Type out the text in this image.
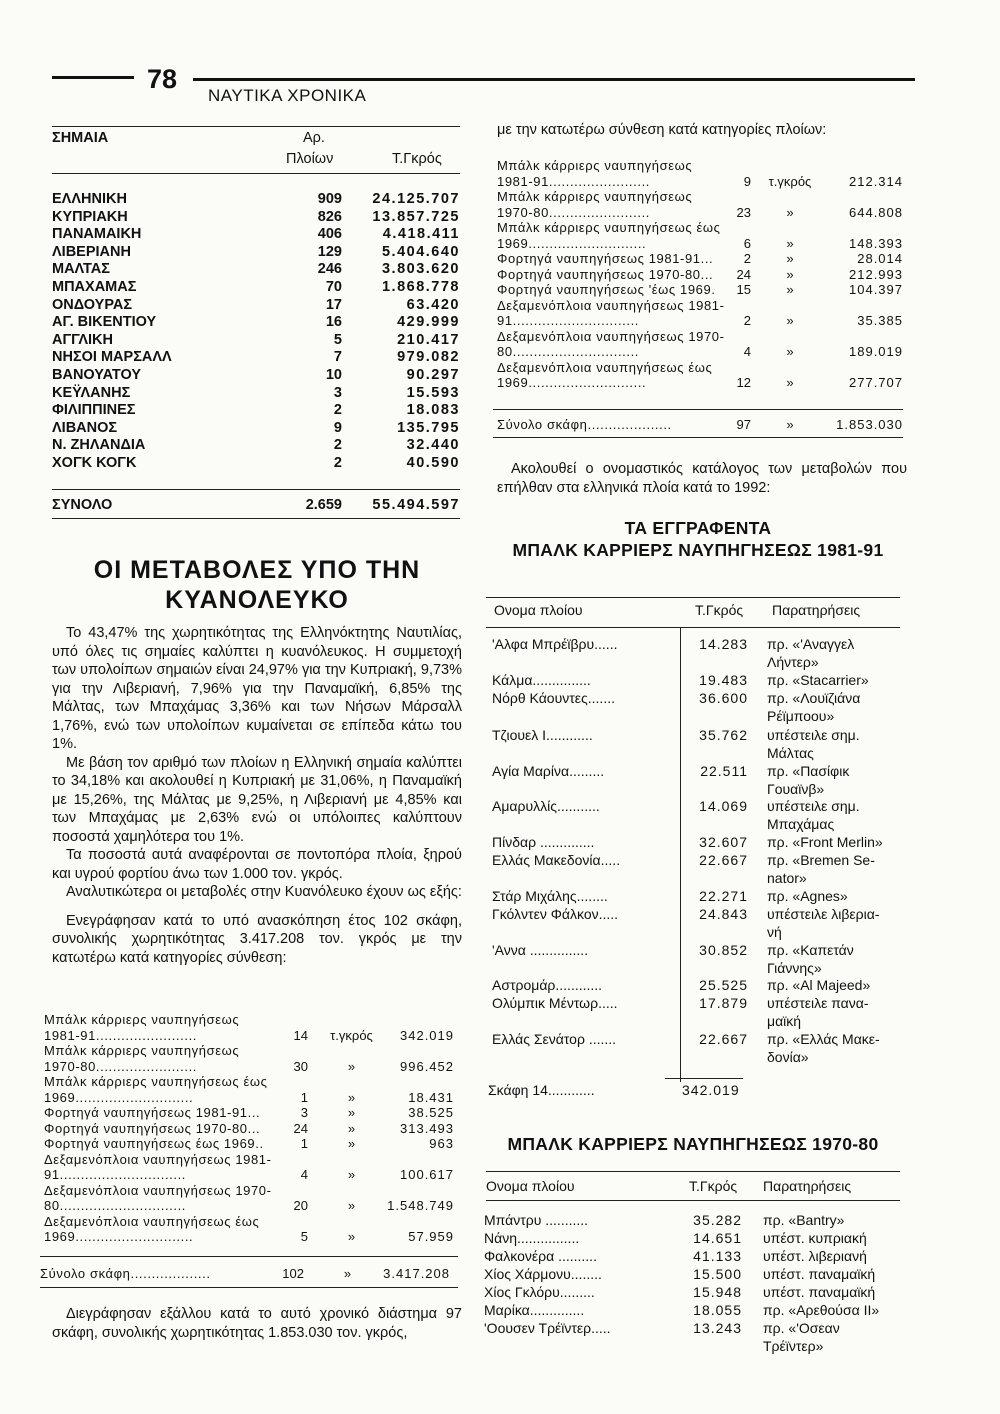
78
ΝΑΥΤΙΚΑ ΧΡΟΝΙΚΑ
ΣΗΜΑΙΑ	Αρ.
Πλοίων	Τ.Γκρός
ΕΛΛΗΝΙΚΗ	909	24.125.707
ΚΥΠΡΙΑΚΗ	826	13.857.725
ΠΑΝΑΜΑΙΚΗ	406	4.418.411
ΛΙΒΕΡΙΑΝΗ	129	5.404.640
ΜΑΛΤΑΣ	246	3.803.620
ΜΠΑΧΑΜΑΣ	70	1.868.778
ΟΝΔΟΥΡΑΣ	17	63.420
ΑΓ. ΒΙΚΕΝΤΙΟΥ	16	429.999
ΑΓΓΛΙΚΗ	5	210.417
ΝΗΣΟΙ ΜΑΡΣΑΛΛ	7	979.082
ΒΑΝΟΥΑΤΟΥ	10	90.297
ΚΕΫΛΑΝΗΣ	3	15.593
ΦΙΛΙΠΠΙΝΕΣ	2	18.083
ΛΙΒΑΝΟΣ	9	135.795
Ν. ΖΗΛΑΝΔΙΑ	2	32.440
ΧΟΓΚ ΚΟΓΚ	2	40.590
ΣΥΝΟΛΟ	2.659	55.494.597
ΟΙ ΜΕΤΑΒΟΛΕΣ ΥΠΟ ΤΗΝ ΚΥΑΝΟΛΕΥΚΟ

Το 43,47% της χωρητικότητας της Ελληνόκτητης Ναυτιλίας, υπό όλες τις σημαίες καλύπτει η κυανόλευκος. Η συμμετοχή των υπολοίπων σημαιών είναι 24,97% για την Κυπριακή, 9,73% για την Λιβεριανή, 7,96% για την Παναμαϊκή, 6,85% της Μάλτας, των Μπαχάμας 3,36% και των Νήσων Μάρσαλλ 1,76%, ενώ των υπολοίπων κυμαίνεται σε επίπεδα κάτω του 1%.

Με βάση τον αριθμό των πλοίων η Ελληνική σημαία καλύπτει το 34,18% και ακολουθεί η Κυπριακή με 31,06%, η Παναμαϊκή με 15,26%, της Μάλτας με 9,25%, η Λιβεριανή με 4,85% και των Μπαχάμας με 2,63% ενώ οι υπόλοιπες καλύπτουν ποσοστά χαμηλότερα του 1%.

Τα ποσοστά αυτά αναφέρονται σε ποντοπόρα πλοία, ξηρού και υγρού φορτίου άνω των 1.000 τον. γκρός.

Αναλυτικώτερα οι μεταβολές στην Κυανόλευκο έχουν ως εξής:

Ενεγράφησαν κατά το υπό ανασκόπηση έτος 102 σκάφη, συνολικής χωρητικότητας 3.417.208 τον. γκρός με την κατωτέρω κατά κατηγορίες σύνθεση:

Μπάλκ κάρριερς ναυπηγήσεως
1981-91........................	14	τ.γκρός	342.019
Μπάλκ κάρριερς ναυπηγήσεως
1970-80........................	30	»	996.452
Μπάλκ κάρριερς ναυπηγήσεως έως
1969............................	1	»	18.431
Φορτηγά ναυπηγήσεως 1981-91...	3	»	38.525
Φορτηγά ναυπηγήσεως 1970-80...	24	»	313.493
Φορτηγά ναυπηγήσεως έως 1969..	1	»	963
Δεξαμενόπλοια ναυπηγήσεως 1981-
91..............................	4	»	100.617
Δεξαμενόπλοια ναυπηγήσεως 1970-
80..............................	20	»	1.548.749
Δεξαμενόπλοια ναυπηγήσεως έως
1969............................	5	»	57.959
Σύνολο σκάφη...................	102	»	3.417.208

Διεγράφησαν εξάλλου κατά το αυτό χρονικό διάστημα 97 σκάφη, συνολικής χωρητικότητας 1.853.030 τον. γκρός,

με την κατωτέρω σύνθεση κατά κατηγορίες πλοίων:
Μπάλκ κάρριερς ναυπηγήσεως
1981-91........................	9	τ.γκρός	212.314
Μπάλκ κάρριερς ναυπηγήσεως
1970-80........................	23	»	644.808
Μπάλκ κάρριερς ναυπηγήσεως έως
1969............................	6	»	148.393
Φορτηγά ναυπηγήσεως 1981-91...	2	»	28.014
Φορτηγά ναυπηγήσεως 1970-80...	24	»	212.993
Φορτηγά ναυπηγήσεως 'έως 1969.	15	»	104.397
Δεξαμενόπλοια ναυπηγήσεως 1981-
91..............................	2	»	35.385
Δεξαμενόπλοια ναυπηγήσεως 1970-
80..............................	4	»	189.019
Δεξαμενόπλοια ναυπηγήσεως έως
1969............................	12	»	277.707
Σύνολο σκάφη....................	97	»	1.853.030
Ακολουθεί ο ονομαστικός κατάλογος των μεταβολών που επήλθαν στα ελληνικά πλοία κατά το 1992:
ΤΑ ΕΓΓΡΑΦΕΝΤΑ
ΜΠΑΛΚ ΚΑΡΡΙΕΡΣ ΝΑΥΠΗΓΗΣΕΩΣ 1981-91
Ονομα πλοίου	Τ.Γκρός Παρατηρήσεις
'Αλφα Μπρέϊβρυ......	14.283 πρ. «'Αναγγελ
Λήντερ»
Κάλμα...............	19.483 πρ. «Stacarrier»
Νόρθ Κάουντες.......	36.600 πρ. «Λουϊζιάνα
Ρέϊμποου»
Τζιουελ Ι............	35.762 υπέστειλε σημ.
Μάλτας
Αγία Μαρίνα.........	22.511 πρ. «Πασίφικ
Γουαϊνβ»
Αμαρυλλίς...........	14.069 υπέστειλε σημ.
Μπαχάμας
Πίνδαρ ..............	32.607 πρ. «Front Merlin»
Ελλάς Μακεδονία.....	22.667 πρ. «Bremen Se-
nator»
Στάρ Μιχάλης........	22.271 πρ. «Agnes»
Γκόλντεν Φάλκον.....	24.843 υπέστειλε λιβερια-
νή
'Αννα ...............	30.852 πρ. «Καπετάν
Γιάννης»
Αστρομάρ............	25.525 πρ. «Al Majeed»
Ολύμπικ Μέντωρ.....	17.879 υπέστειλε πανα-
μαϊκή
Ελλάς Σενάτορ .......	22.667 πρ. «Ελλάς Μακε-
δονία»
Σκάφη 14............	342.019
ΜΠΑΛΚ ΚΑΡΡΙΕΡΣ ΝΑΥΠΗΓΗΣΕΩΣ 1970-80
Ονομα πλοίου	Τ.Γκρός Παρατηρήσεις
Μπάντρυ ...........	35.282 πρ. «Bantry»
Νάνη................	14.651 υπέστ. κυπριακή
Φαλκονέρα ..........	41.133 υπέστ. λιβεριανή
Χίος Χάρμονυ........	15.500 υπέστ. παναμαϊκή
Χίος Γκλόρυ.........	15.948 υπέστ. παναμαϊκή
Μαρίκα..............	18.055 πρ. «Αρεθούσα ΙΙ»
'Οουσεν Τρέϊντερ.....	13.243 πρ. «'Οσεαν
Τρέϊντερ»
